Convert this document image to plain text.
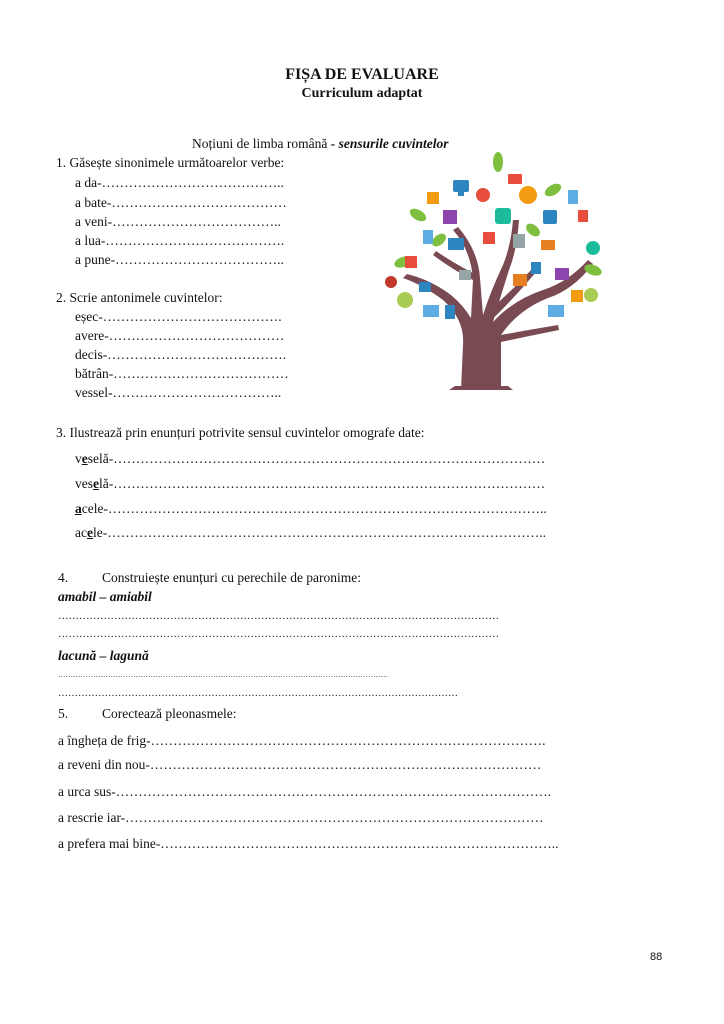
FIȘA DE EVALUARE
Curriculum adaptat
Noțiuni de limba română - sensurile cuvintelor
1. Găsește sinonimele următoarelor verbe:
a da-…………………………………..
a bate-…………………………………
a veni-………………………………..
a lua-………………………………….
a pune-………………………………..
2. Scrie antonimele cuvintelor:
eșec-………………………………….
avere-…………………………………
decis-………………………………….
bătrân-…………………………………
vessel-………………………………..
3. Ilustrează prin enunțuri potrivite sensul cuvintelor omografe date:
veselă-……………………………………………………………………………………
veselă-……………………………………………………………………………………
acele-……………………………………………………………………………………..
acele-……………………………………………………………………………………..
4.	Construiește enunțuri cu perechile de paronime:
amabil – amiabil
………………………………………………………………………………………………………………
………………………………………………………………………………………………………………
lacună – lagună
……………………………………………………………………………………………………………………
…………………………………………………………………………………………………………
5.	Corectează pleonasmele:
a îngheța de frig-…………………………………………………………………………….
a reveni din nou-……………………………………………………………………………
a urca sus-…………………………………………………………………………………….
a rescrie iar-…………………………………………………………………………………
a prefera mai bine-……………………………………………………………………………..
88
